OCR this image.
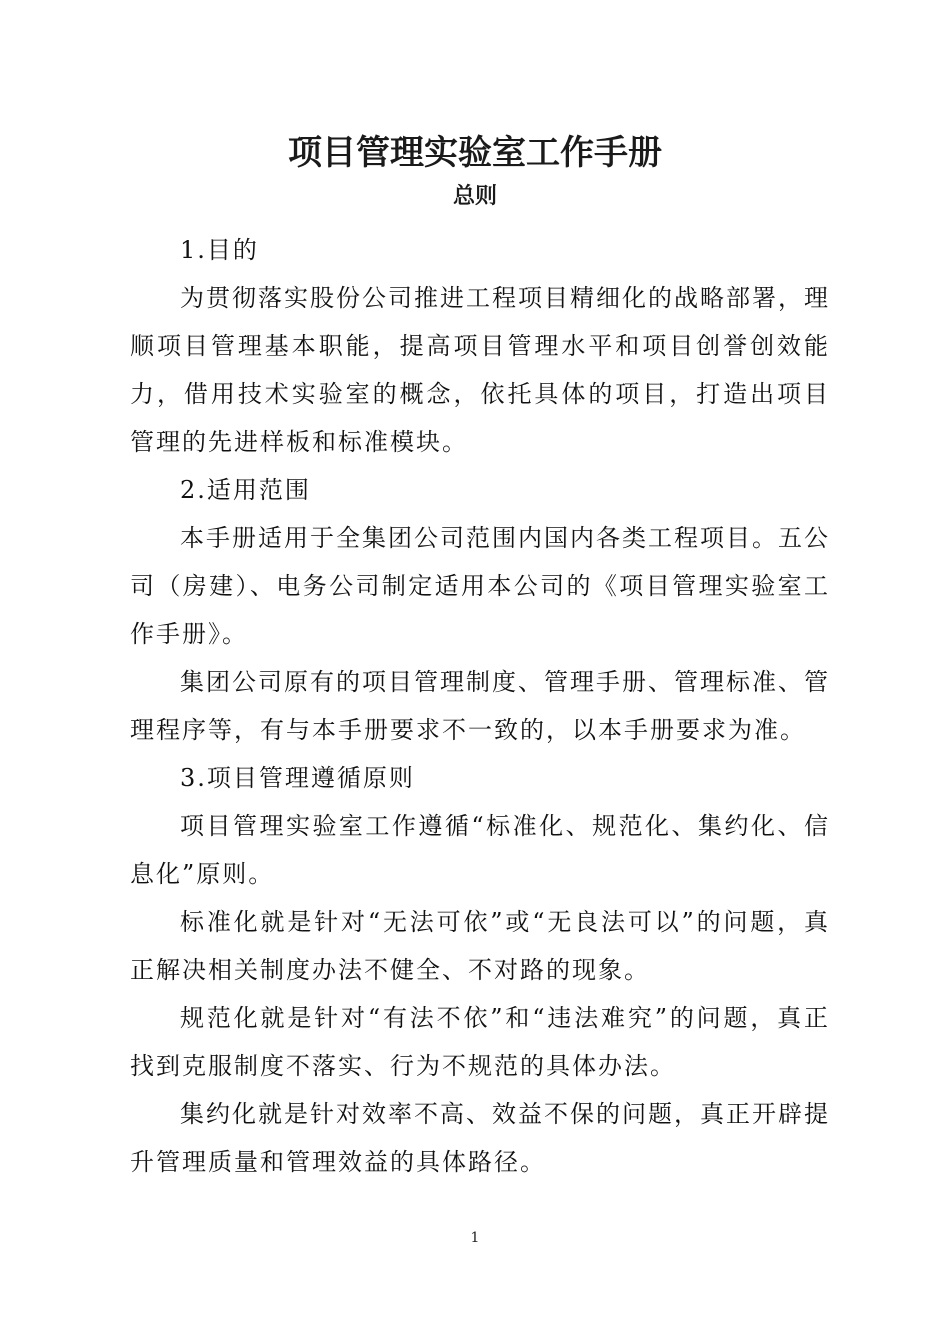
项目管理实验室工作手册
总则

1.目的

为贯彻落实股份公司推进工程项目精细化的战略部署，理顺项目管理基本职能，提高项目管理水平和项目创誉创效能力，借用技术实验室的概念，依托具体的项目，打造出项目管理的先进样板和标准模块。

2.适用范围

本手册适用于全集团公司范围内国内各类工程项目。五公司（房建）、电务公司制定适用本公司的《项目管理实验室工作手册》。

集团公司原有的项目管理制度、管理手册、管理标准、管理程序等，有与本手册要求不一致的，以本手册要求为准。

3.项目管理遵循原则

项目管理实验室工作遵循“标准化、规范化、集约化、信息化”原则。

标准化就是针对“无法可依”或“无良法可以”的问题，真正解决相关制度办法不健全、不对路的现象。

规范化就是针对“有法不依”和“违法难究”的问题，真正找到克服制度不落实、行为不规范的具体办法。

集约化就是针对效率不高、效益不保的问题，真正开辟提升管理质量和管理效益的具体路径。

1
